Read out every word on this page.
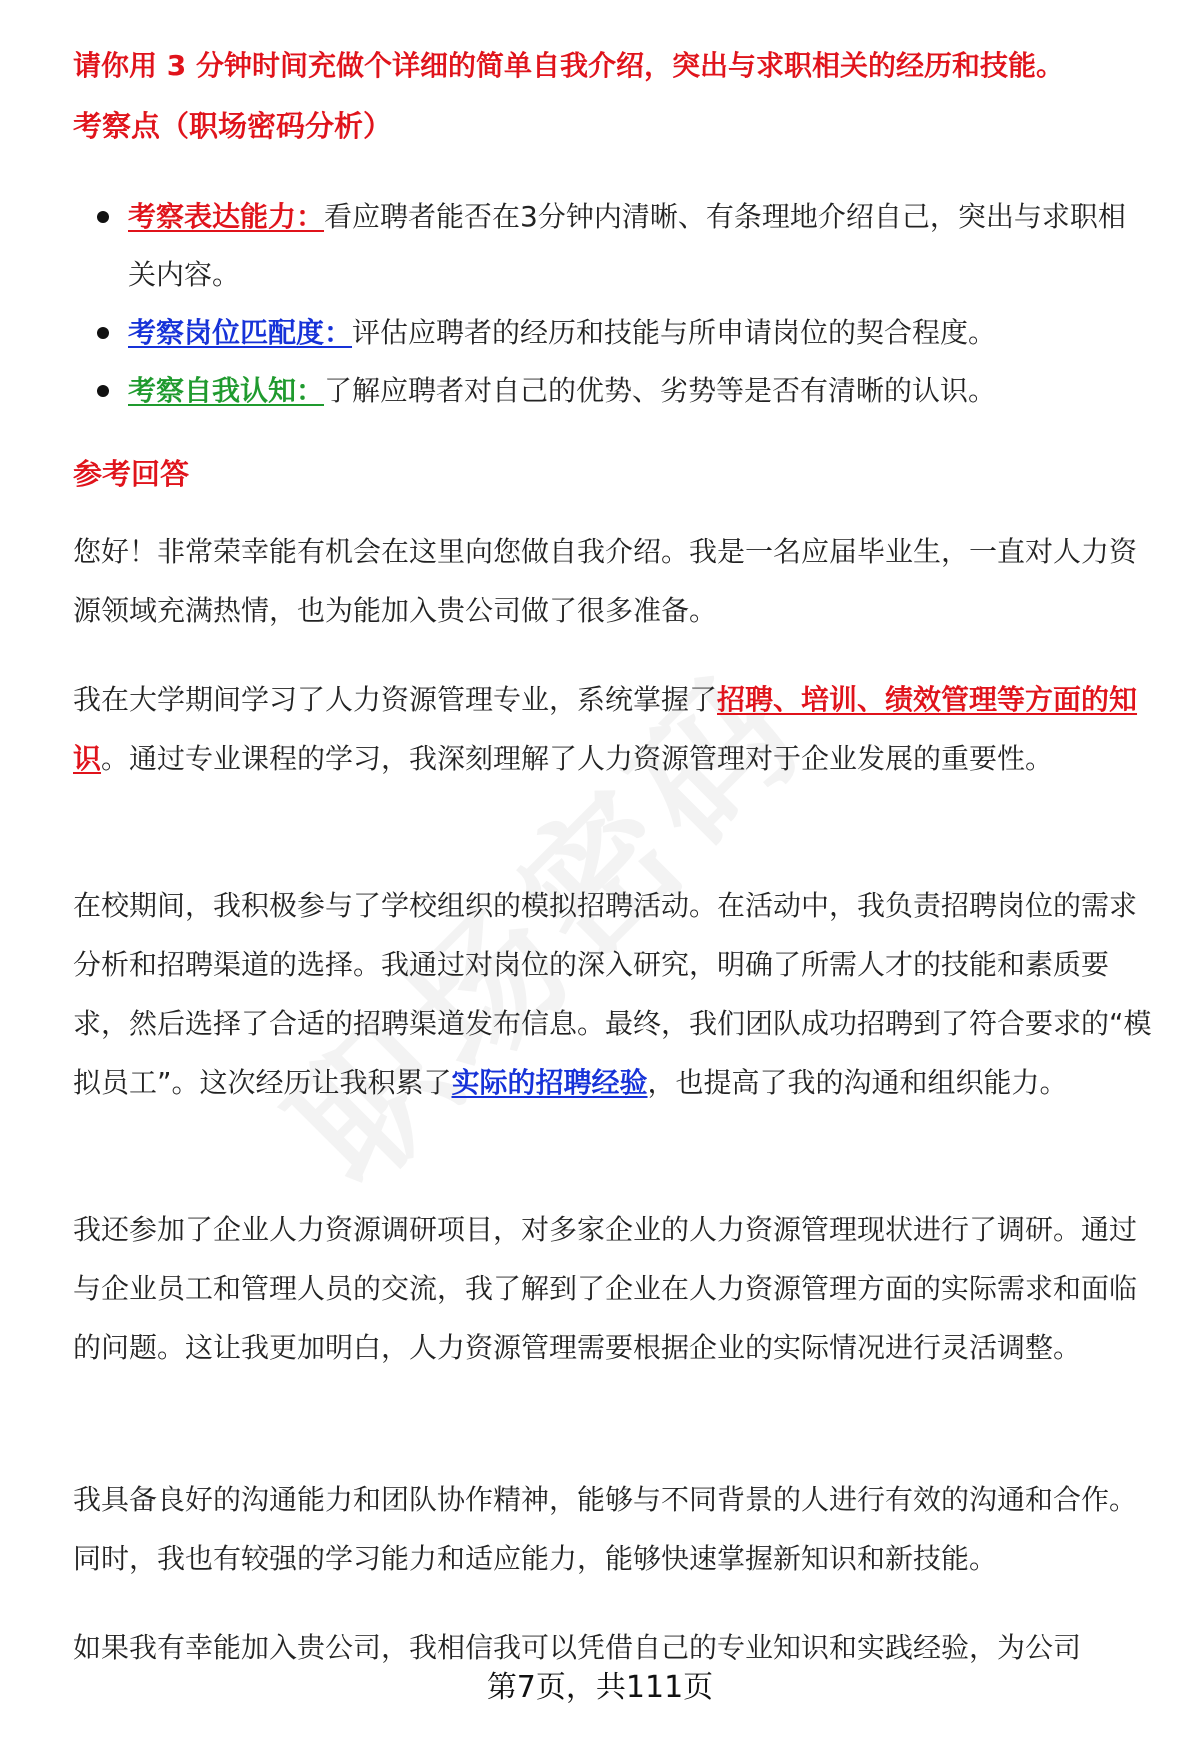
请你用 3 分钟时间充做个详细的简单自我介绍，突出与求职相关的经历和技能。
考察点（职场密码分析）
考察表达能力：看应聘者能否在3分钟内清晰、有条理地介绍自己，突出与求职相关内容。
考察岗位匹配度：评估应聘者的经历和技能与所申请岗位的契合程度。
考察自我认知：了解应聘者对自己的优势、劣势等是否有清晰的认识。
参考回答

您好！非常荣幸能有机会在这里向您做自我介绍。我是一名应届毕业生，一直对人力资源领域充满热情，也为能加入贵公司做了很多准备。

我在大学期间学习了人力资源管理专业，系统掌握了招聘、培训、绩效管理等方面的知识。通过专业课程的学习，我深刻理解了人力资源管理对于企业发展的重要性。

在校期间，我积极参与了学校组织的模拟招聘活动。在活动中，我负责招聘岗位的需求分析和招聘渠道的选择。我通过对岗位的深入研究，明确了所需人才的技能和素质要求，然后选择了合适的招聘渠道发布信息。最终，我们团队成功招聘到了符合要求的“模拟员工”。这次经历让我积累了实际的招聘经验，也提高了我的沟通和组织能力。

我还参加了企业人力资源调研项目，对多家企业的人力资源管理现状进行了调研。通过与企业员工和管理人员的交流，我了解到了企业在人力资源管理方面的实际需求和面临的问题。这让我更加明白，人力资源管理需要根据企业的实际情况进行灵活调整。

我具备良好的沟通能力和团队协作精神，能够与不同背景的人进行有效的沟通和合作。同时，我也有较强的学习能力和适应能力，能够快速掌握新知识和新技能。

如果我有幸能加入贵公司，我相信我可以凭借自己的专业知识和实践经验，为公司

第7页，共111页
